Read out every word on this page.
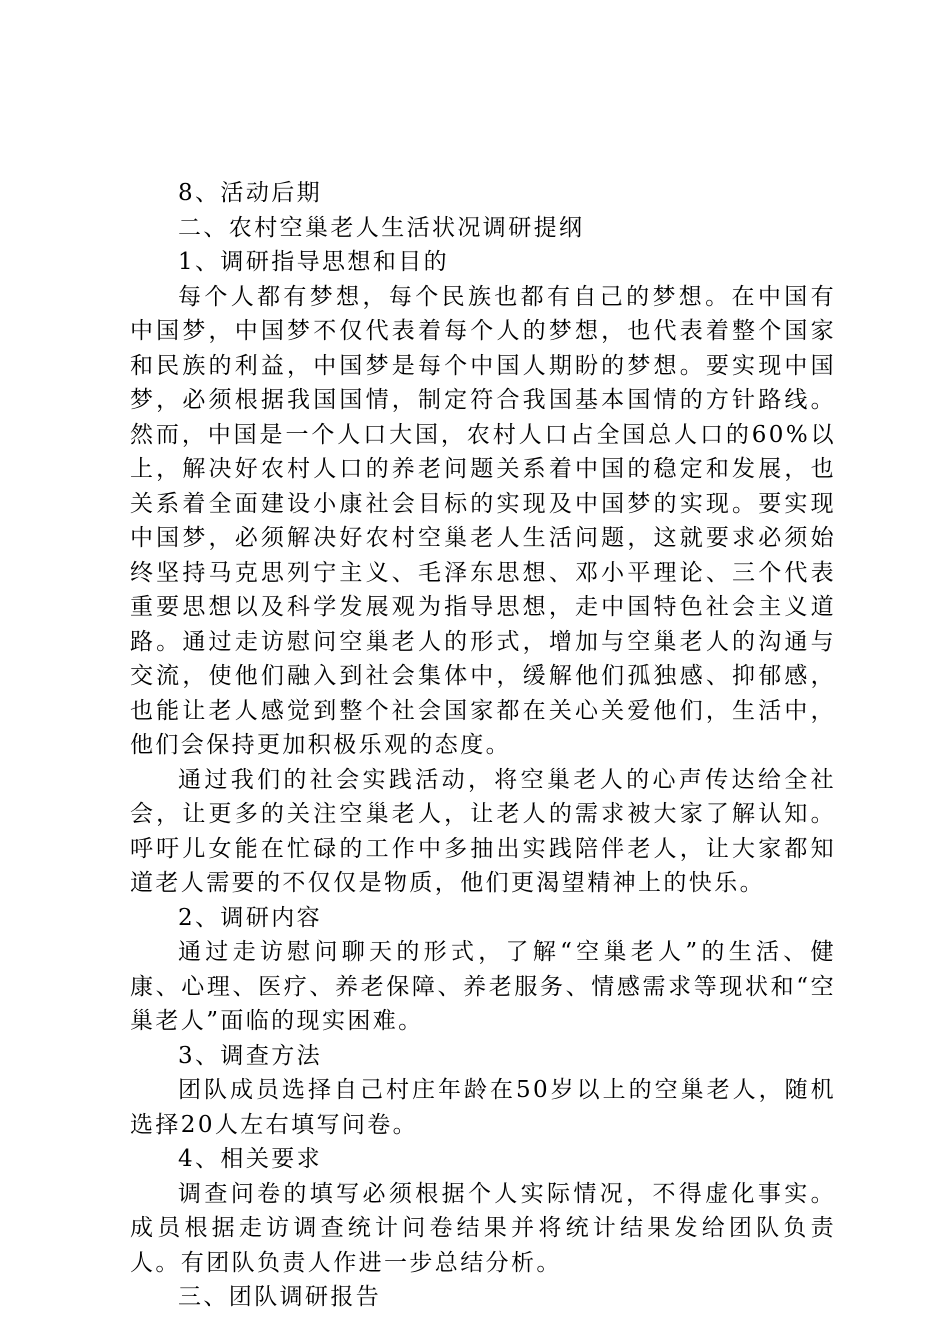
8、活动后期

二、农村空巢老人生活状况调研提纲

1、调研指导思想和目的

每个人都有梦想，每个民族也都有自己的梦想。在中国有中国梦，中国梦不仅代表着每个人的梦想，也代表着整个国家和民族的利益，中国梦是每个中国人期盼的梦想。要实现中国梦，必须根据我国国情，制定符合我国基本国情的方针路线。然而，中国是一个人口大国，农村人口占全国总人口的60%以上，解决好农村人口的养老问题关系着中国的稳定和发展，也关系着全面建设小康社会目标的实现及中国梦的实现。要实现中国梦，必须解决好农村空巢老人生活问题，这就要求必须始终坚持马克思列宁主义、毛泽东思想、邓小平理论、三个代表重要思想以及科学发展观为指导思想，走中国特色社会主义道路。通过走访慰问空巢老人的形式，增加与空巢老人的沟通与交流，使他们融入到社会集体中，缓解他们孤独感、抑郁感，也能让老人感觉到整个社会国家都在关心关爱他们，生活中，他们会保持更加积极乐观的态度。

通过我们的社会实践活动，将空巢老人的心声传达给全社会，让更多的关注空巢老人，让老人的需求被大家了解认知。呼吁儿女能在忙碌的工作中多抽出实践陪伴老人，让大家都知道老人需要的不仅仅是物质，他们更渴望精神上的快乐。

2、调研内容

通过走访慰问聊天的形式，了解“空巢老人”的生活、健康、心理、医疗、养老保障、养老服务、情感需求等现状和“空巢老人”面临的现实困难。

3、调查方法

团队成员选择自己村庄年龄在50岁以上的空巢老人，随机选择20人左右填写问卷。

4、相关要求

调查问卷的填写必须根据个人实际情况，不得虚化事实。成员根据走访调查统计问卷结果并将统计结果发给团队负责人。有团队负责人作进一步总结分析。

三、团队调研报告
